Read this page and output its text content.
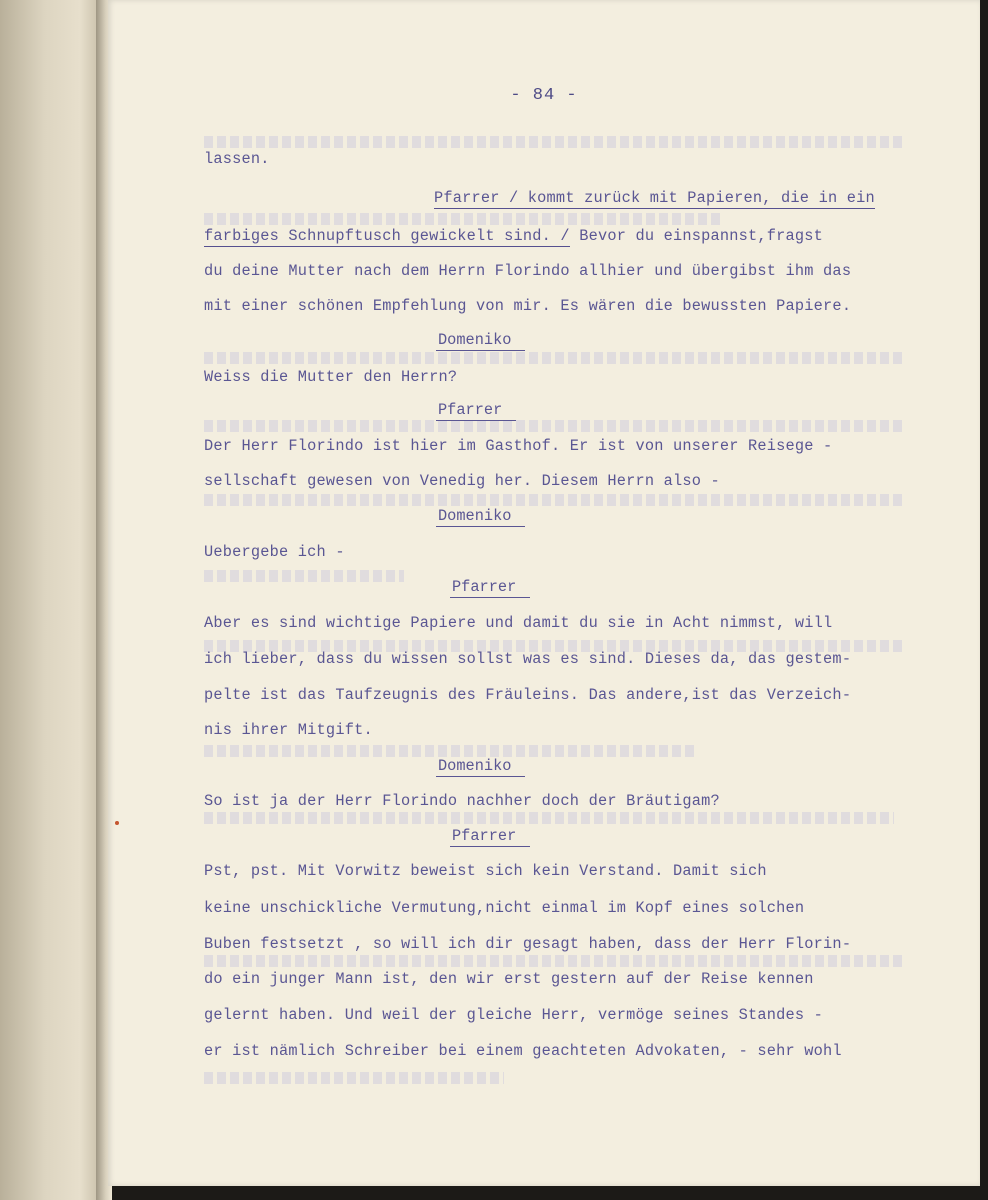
- 84 -
lassen.
Pfarrer / kommt zurück mit Papieren, die in ein
farbiges Schnupftusch gewickelt sind. / Bevor du einspannst,fragst
du deine Mutter nach dem Herrn Florindo allhier und übergibst ihm das
mit einer schönen Empfehlung von mir. Es wären die bewussten Papiere.
Domeniko
Weiss die Mutter den Herrn?
Pfarrer
Der Herr Florindo ist hier im Gasthof. Er ist von unserer Reisege -
sellschaft gewesen von Venedig her. Diesem Herrn also -
Domeniko
Uebergebe ich -
Pfarrer
Aber es sind wichtige Papiere und damit du sie in Acht nimmst, will
ich lieber, dass du wissen sollst was es sind. Dieses da, das gestem-
pelte ist das Taufzeugnis des Fräuleins. Das andere,ist das Verzeich-
nis ihrer Mitgift.
Domeniko
So ist ja der Herr Florindo nachher doch der Bräutigam?
Pfarrer
Pst, pst. Mit Vorwitz beweist sich kein Verstand. Damit sich
keine unschickliche Vermutung,nicht einmal im Kopf eines solchen
Buben festsetzt , so will ich dir gesagt haben, dass der Herr Florin-
do ein junger Mann ist, den wir erst gestern auf der Reise kennen
gelernt haben. Und weil der gleiche Herr, vermöge seines Standes -
er ist nämlich Schreiber bei einem geachteten Advokaten, - sehr wohl
